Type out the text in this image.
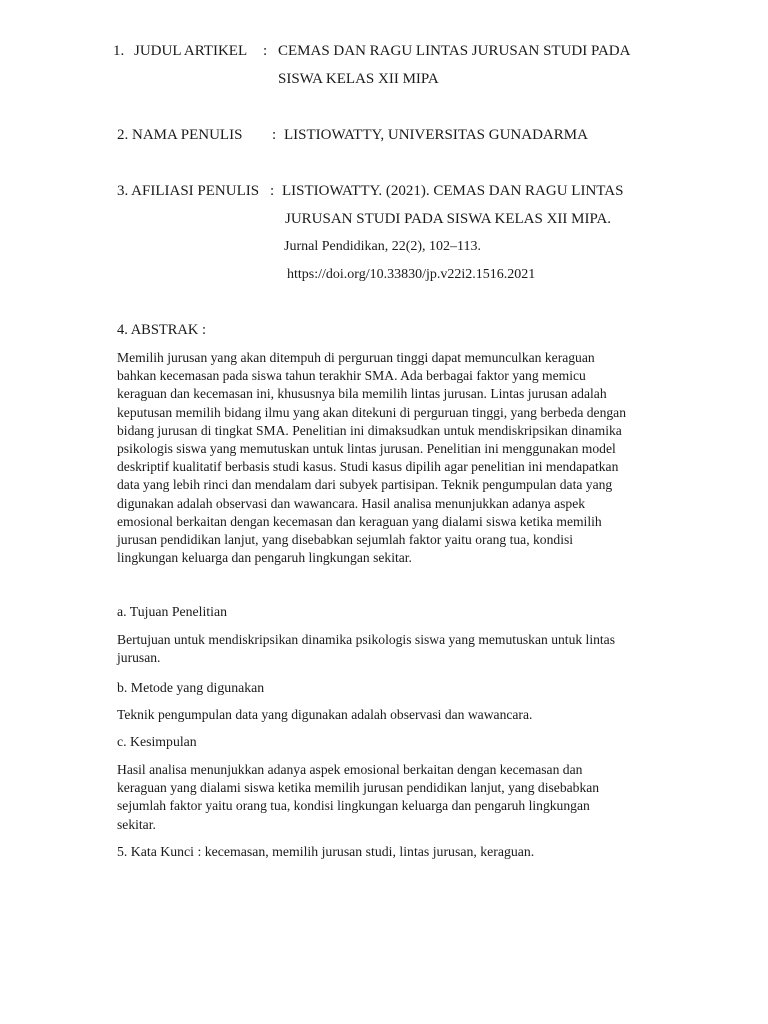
1. JUDUL ARTIKEL : CEMAS DAN RAGU LINTAS JURUSAN STUDI PADA
SISWA KELAS XII MIPA
2. NAMA PENULIS : LISTIOWATTY, UNIVERSITAS GUNADARMA
3. AFILIASI PENULIS : LISTIOWATTY. (2021). CEMAS DAN RAGU LINTAS
JURUSAN STUDI PADA SISWA KELAS XII MIPA.
Jurnal Pendidikan, 22(2), 102–113.
https://doi.org/10.33830/jp.v22i2.1516.2021
4. ABSTRAK :
Memilih jurusan yang akan ditempuh di perguruan tinggi dapat memunculkan keraguan
bahkan kecemasan pada siswa tahun terakhir SMA. Ada berbagai faktor yang memicu
keraguan dan kecemasan ini, khususnya bila memilih lintas jurusan. Lintas jurusan adalah
keputusan memilih bidang ilmu yang akan ditekuni di perguruan tinggi, yang berbeda dengan
bidang jurusan di tingkat SMA. Penelitian ini dimaksudkan untuk mendiskripsikan dinamika
psikologis siswa yang memutuskan untuk lintas jurusan. Penelitian ini menggunakan model
deskriptif kualitatif berbasis studi kasus. Studi kasus dipilih agar penelitian ini mendapatkan
data yang lebih rinci dan mendalam dari subyek partisipan. Teknik pengumpulan data yang
digunakan adalah observasi dan wawancara. Hasil analisa menunjukkan adanya aspek
emosional berkaitan dengan kecemasan dan keraguan yang dialami siswa ketika memilih
jurusan pendidikan lanjut, yang disebabkan sejumlah faktor yaitu orang tua, kondisi
lingkungan keluarga dan pengaruh lingkungan sekitar.
a. Tujuan Penelitian
Bertujuan untuk mendiskripsikan dinamika psikologis siswa yang memutuskan untuk lintas
jurusan.
b. Metode yang digunakan
Teknik pengumpulan data yang digunakan adalah observasi dan wawancara.
c. Kesimpulan
Hasil analisa menunjukkan adanya aspek emosional berkaitan dengan kecemasan dan
keraguan yang dialami siswa ketika memilih jurusan pendidikan lanjut, yang disebabkan
sejumlah faktor yaitu orang tua, kondisi lingkungan keluarga dan pengaruh lingkungan
sekitar.
5. Kata Kunci : kecemasan, memilih jurusan studi, lintas jurusan, keraguan.
